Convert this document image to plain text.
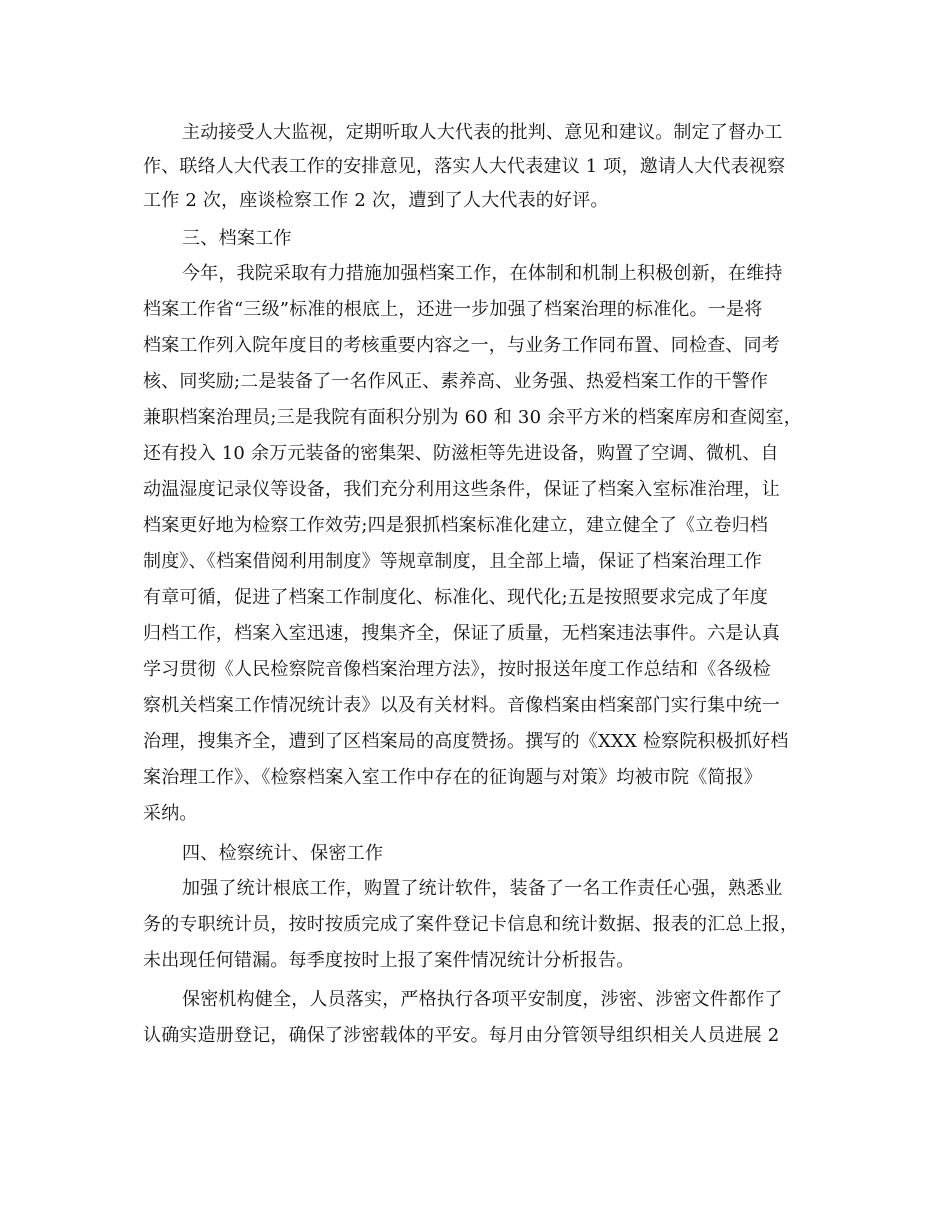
主动接受人大监视，定期听取人大代表的批判、意见和建议。制定了督办工
作、联络人大代表工作的安排意见，落实人大代表建议 1 项，邀请人大代表视察
工作 2 次，座谈检察工作 2 次，遭到了人大代表的好评。
三、档案工作
今年，我院采取有力措施加强档案工作，在体制和机制上积极创新，在维持
档案工作省“三级”标准的根底上，还进一步加强了档案治理的标准化。一是将
档案工作列入院年度目的考核重要内容之一，与业务工作同布置、同检查、同考
核、同奖励;二是装备了一名作风正、素养高、业务强、热爱档案工作的干警作
兼职档案治理员;三是我院有面积分别为 60 和 30 余平方米的档案库房和查阅室，
还有投入 10 余万元装备的密集架、防滋柜等先进设备，购置了空调、微机、自
动温湿度记录仪等设备，我们充分利用这些条件，保证了档案入室标准治理，让
档案更好地为检察工作效劳;四是狠抓档案标准化建立，建立健全了《立卷归档
制度》、《档案借阅利用制度》等规章制度，且全部上墙，保证了档案治理工作
有章可循，促进了档案工作制度化、标准化、现代化;五是按照要求完成了年度
归档工作，档案入室迅速，搜集齐全，保证了质量，无档案违法事件。六是认真
学习贯彻《人民检察院音像档案治理方法》，按时报送年度工作总结和《各级检
察机关档案工作情况统计表》以及有关材料。音像档案由档案部门实行集中统一
治理，搜集齐全，遭到了区档案局的高度赞扬。撰写的《XXX 检察院积极抓好档
案治理工作》、《检察档案入室工作中存在的征询题与对策》均被市院《简报》
采纳。
四、检察统计、保密工作
加强了统计根底工作，购置了统计软件，装备了一名工作责任心强，熟悉业
务的专职统计员，按时按质完成了案件登记卡信息和统计数据、报表的汇总上报，
未出现任何错漏。每季度按时上报了案件情况统计分析报告。
保密机构健全，人员落实，严格执行各项平安制度，涉密、涉密文件都作了
认确实造册登记，确保了涉密载体的平安。每月由分管领导组织相关人员进展 2
